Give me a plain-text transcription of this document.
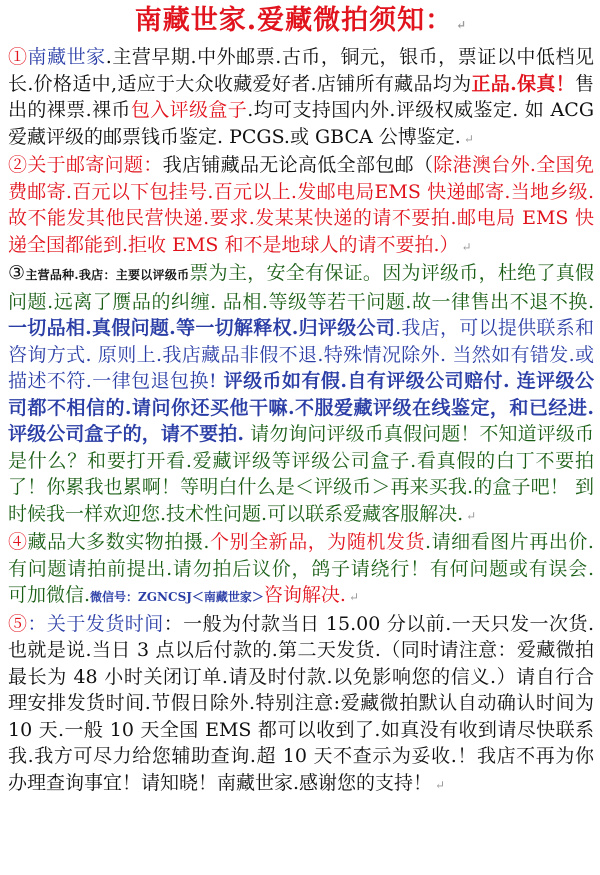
南藏世家.爱藏微拍须知： ↵

①南藏世家.主营早期.中外邮票.古币，铜元，银币，票证以中低档见长.价格适中,适应于大众收藏爱好者.店铺所有藏品均为正品.保真！售出的裸票.裸币包入评级盒子.均可支持国内外.评级权威鉴定. 如 ACG爱藏评级的邮票钱币鉴定. PCGS.或 GBCA 公博鉴定. ↵

②关于邮寄问题：我店铺藏品无论高低全部包邮（除港澳台外.全国免费邮寄.百元以下包挂号.百元以上.发邮电局EMS 快递邮寄.当地乡级.故不能发其他民营快递.要求.发某某快递的请不要拍.邮电局 EMS 快递全国都能到.拒收 EMS 和不是地球人的请不要拍.） ↵

③主营品种.我店：主要以评级币票为主，安全有保证。因为评级币，杜绝了真假问题.远离了赝品的纠缠. 品相.等级等若干问题.故一律售出不退不换.一切品相.真假问题.等一切解释权.归评级公司.我店，可以提供联系和咨询方式. 原则上.我店藏品非假不退.特殊情况除外. 当然如有错发.或描述不符.一律包退包换! 评级币如有假.自有评级公司赔付. 连评级公司都不相信的.请问你还买他干嘛.不服爱藏评级在线鉴定，和已经进.评级公司盒子的，请不要拍. 请勿询问评级币真假问题！不知道评级币是什么？和要打开看.爱藏评级等评级公司盒子.看真假的白丁不要拍了！你累我也累啊！等明白什么是＜评级币＞再来买我.的盒子吧！ 到时候我一样欢迎您.技术性问题.可以联系爱藏客服解决. ↵

④藏品大多数实物拍摄.个别全新品，为随机发货.请细看图片再出价. 有问题请拍前提出.请勿拍后议价，鸽子请绕行！有何问题或有误会. 可加微信.微信号：ZGNCSJ＜南藏世家＞咨询解决. ↵

⑤：关于发货时间：一般为付款当日 15.00 分以前.一天只发一次货.也就是说.当日 3 点以后付款的.第二天发货.（同时请注意：爱藏微拍最长为 48 小时关闭订单.请及时付款.以免影响您的信义.）请自行合理安排发货时间.节假日除外.特别注意:爱藏微拍默认自动确认时间为 10 天.一般 10 天全国 EMS 都可以收到了.如真没有收到请尽快联系我.我方可尽力给您辅助查询.超 10 天不查示为妥收.！我店不再为你办理查询事宜！请知晓！南藏世家.感谢您的支持！ ↵
